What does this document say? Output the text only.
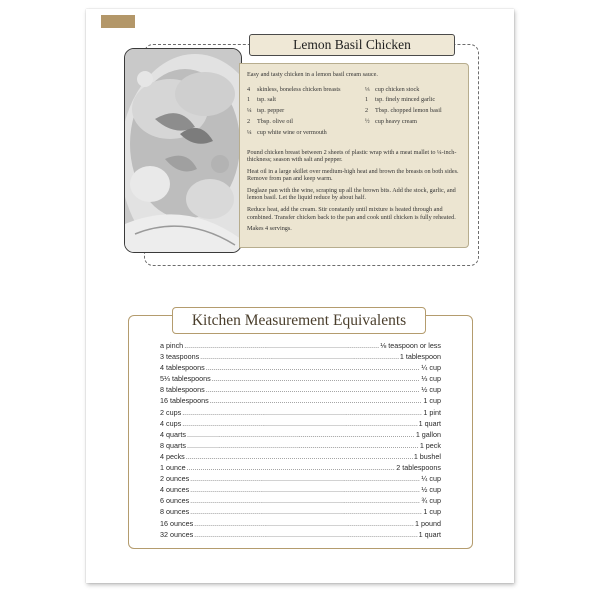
Easy and tasty chicken in a lemon basil cream sauce.

4	skinless, boneless chicken breasts
1	tsp. salt
¼ tsp. pepper
2	Tbsp. olive oil
¼ cup white wine or vermouth
⅓ cup chicken stock
1	tsp. finely minced garlic
2	Tbsp. chopped lemon basil
½ cup heavy cream

Pound chicken breast between 2 sheets of plastic wrap with a meat mallet to ¼-inch-thickness; season with salt and pepper.

Heat oil in a large skillet over medium-high heat and brown the breasts on both sides. Remove from pan and keep warm.

Deglaze pan with the wine, scraping up all the brown bits. Add the stock, garlic, and lemon basil. Let the liquid reduce by about half.

Reduce heat, add the cream. Stir constantly until mixture is heated through and combined. Transfer chicken back to the pan and cook until chicken is fully reheated.

Makes 4 servings.

Lemon Basil Chicken
Kitchen Measurement Equivalents
a pinch .....	⅛ teaspoon or less
3 teaspoons .....	1 tablespoon
4 tablespoons .....	¼ cup
5⅓ tablespoons .....	⅓ cup
8 tablespoons .....	½ cup
16 tablespoons .....	1 cup
2 cups .....	1 pint
4 cups .....	1 quart
4 quarts .....	1 gallon
8 quarts .....	1 peck
4 pecks .....	1 bushel
1 ounce .....	2 tablespoons
2 ounces .....	¼ cup
4 ounces .....	½ cup
6 ounces .....	¾ cup
8 ounces .....	1 cup
16 ounces .....	1 pound
32 ounces .....	1 quart
